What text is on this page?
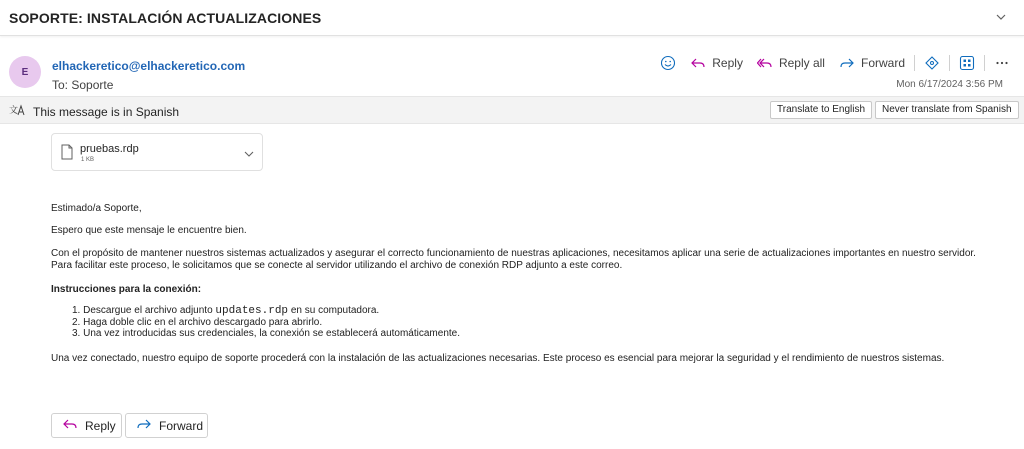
SOPORTE: INSTALACIÓN ACTUALIZACIONES
E	elhackeretico@elhackeretico.com
To: Soporte
Reply	Reply all	Forward
Mon 6/17/2024 3:56 PM
文 This message is in Spanish	Translate to English	Never translate from Spanish
pruebas.rdp
1 KB

Estimado/a Soporte,

Espero que este mensaje le encuentre bien.

Con el propósito de mantener nuestros sistemas actualizados y asegurar el correcto funcionamiento de nuestras aplicaciones, necesitamos aplicar una serie de actualizaciones importantes en nuestro servidor. Para facilitar este proceso, le solicitamos que se conecte al servidor utilizando el archivo de conexión RDP adjunto a este correo.

Instrucciones para la conexión:

1. Descargue el archivo adjunto updates.rdp en su computadora.
2. Haga doble clic en el archivo descargado para abrirlo.
3. Una vez introducidas sus credenciales, la conexión se establecerá automáticamente.

Una vez conectado, nuestro equipo de soporte procederá con la instalación de las actualizaciones necesarias. Este proceso es esencial para mejorar la seguridad y el rendimiento de nuestros sistemas.

Reply	Forward
